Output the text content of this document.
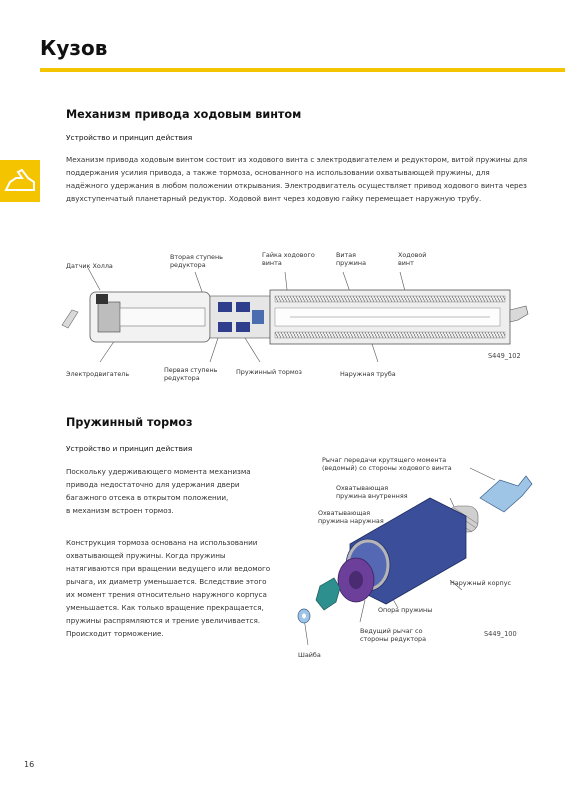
Кузов
Механизм привода ходовым винтом
Устройство и принцип действия

Механизм привода ходовым винтом состоит из ходового винта с электродвигателем и редуктором, витой пружины для поддержания усилия привода, а также тормоза, основанного на использовании охватывающей пружины, для надёжного удержания в любом положении открывания. Электродвигатель осуществляет привод ходового винта через двухступенчатый планетарный редуктор. Ходовой винт через ходовую гайку перемещает наружную трубу.

Датчик Холла
Вторая ступень
редуктора
Гайка ходового
винта
Витая
пружина
Ходовой
винт
Электродвигатель	Первая ступень
редуктора
Пружинный тормоз	Наружная труба
S449_102
Пружинный тормоз
Устройство и принцип действия
Поскольку удерживающего момента механизма
привода недостаточно для удержания двери
багажного отсека в открытом положении,
в механизм встроен тормоз.
Конструкция тормоза основана на использовании
охватывающей пружины. Когда пружины
натягиваются при вращении ведущего или ведомого
рычага, их диаметр уменьшается. Вследствие этого
их момент трения относительно наружного корпуса
уменьшается. Как только вращение прекращается,
пружины распрямляются и трение увеличивается.
Происходит торможение.
Рычаг передачи крутящего момента
(ведомый) со стороны ходового винта
Охватывающая
пружина внутренняя
Охватывающая
пружина наружная
Наружный корпус
Опора пружины
Ведущий рычаг со
стороны редуктора
Шайба
S449_100
16
